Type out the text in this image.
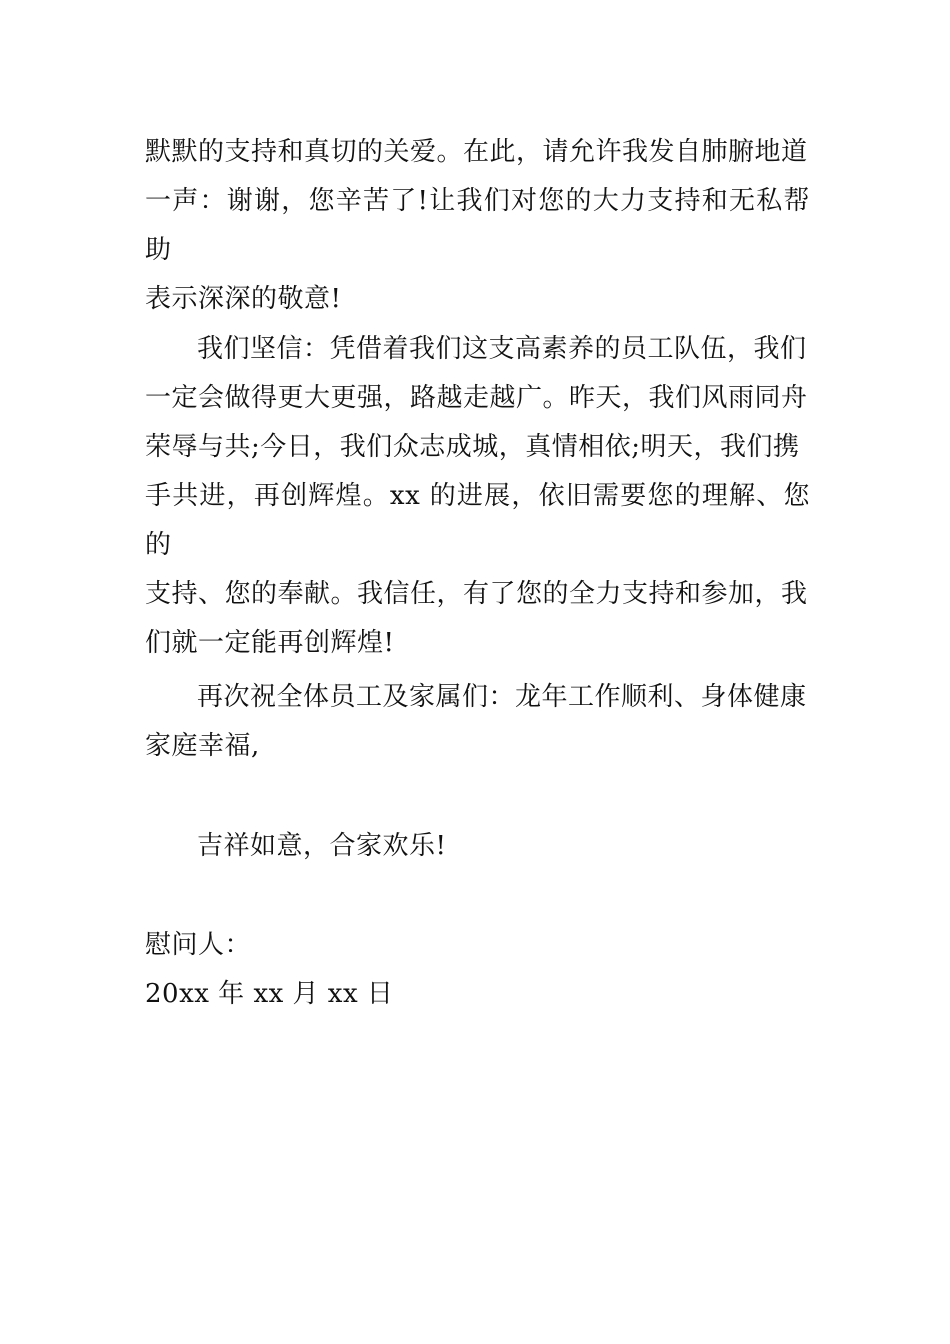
默默的支持和真切的关爱。在此，请允许我发自肺腑地道
一声：谢谢，您辛苦了!让我们对您的大力支持和无私帮助
表示深深的敬意!

我们坚信：凭借着我们这支高素养的员工队伍，我们
一定会做得更大更强，路越走越广。昨天，我们风雨同舟
荣辱与共;今日，我们众志成城，真情相依;明天，我们携
手共进，再创辉煌。xx 的进展，依旧需要您的理解、您的
支持、您的奉献。我信任，有了您的全力支持和参加，我
们就一定能再创辉煌!

再次祝全体员工及家属们：龙年工作顺利、身体健康
家庭幸福,

吉祥如意，合家欢乐!

慰问人：

20xx 年 xx 月 xx 日
